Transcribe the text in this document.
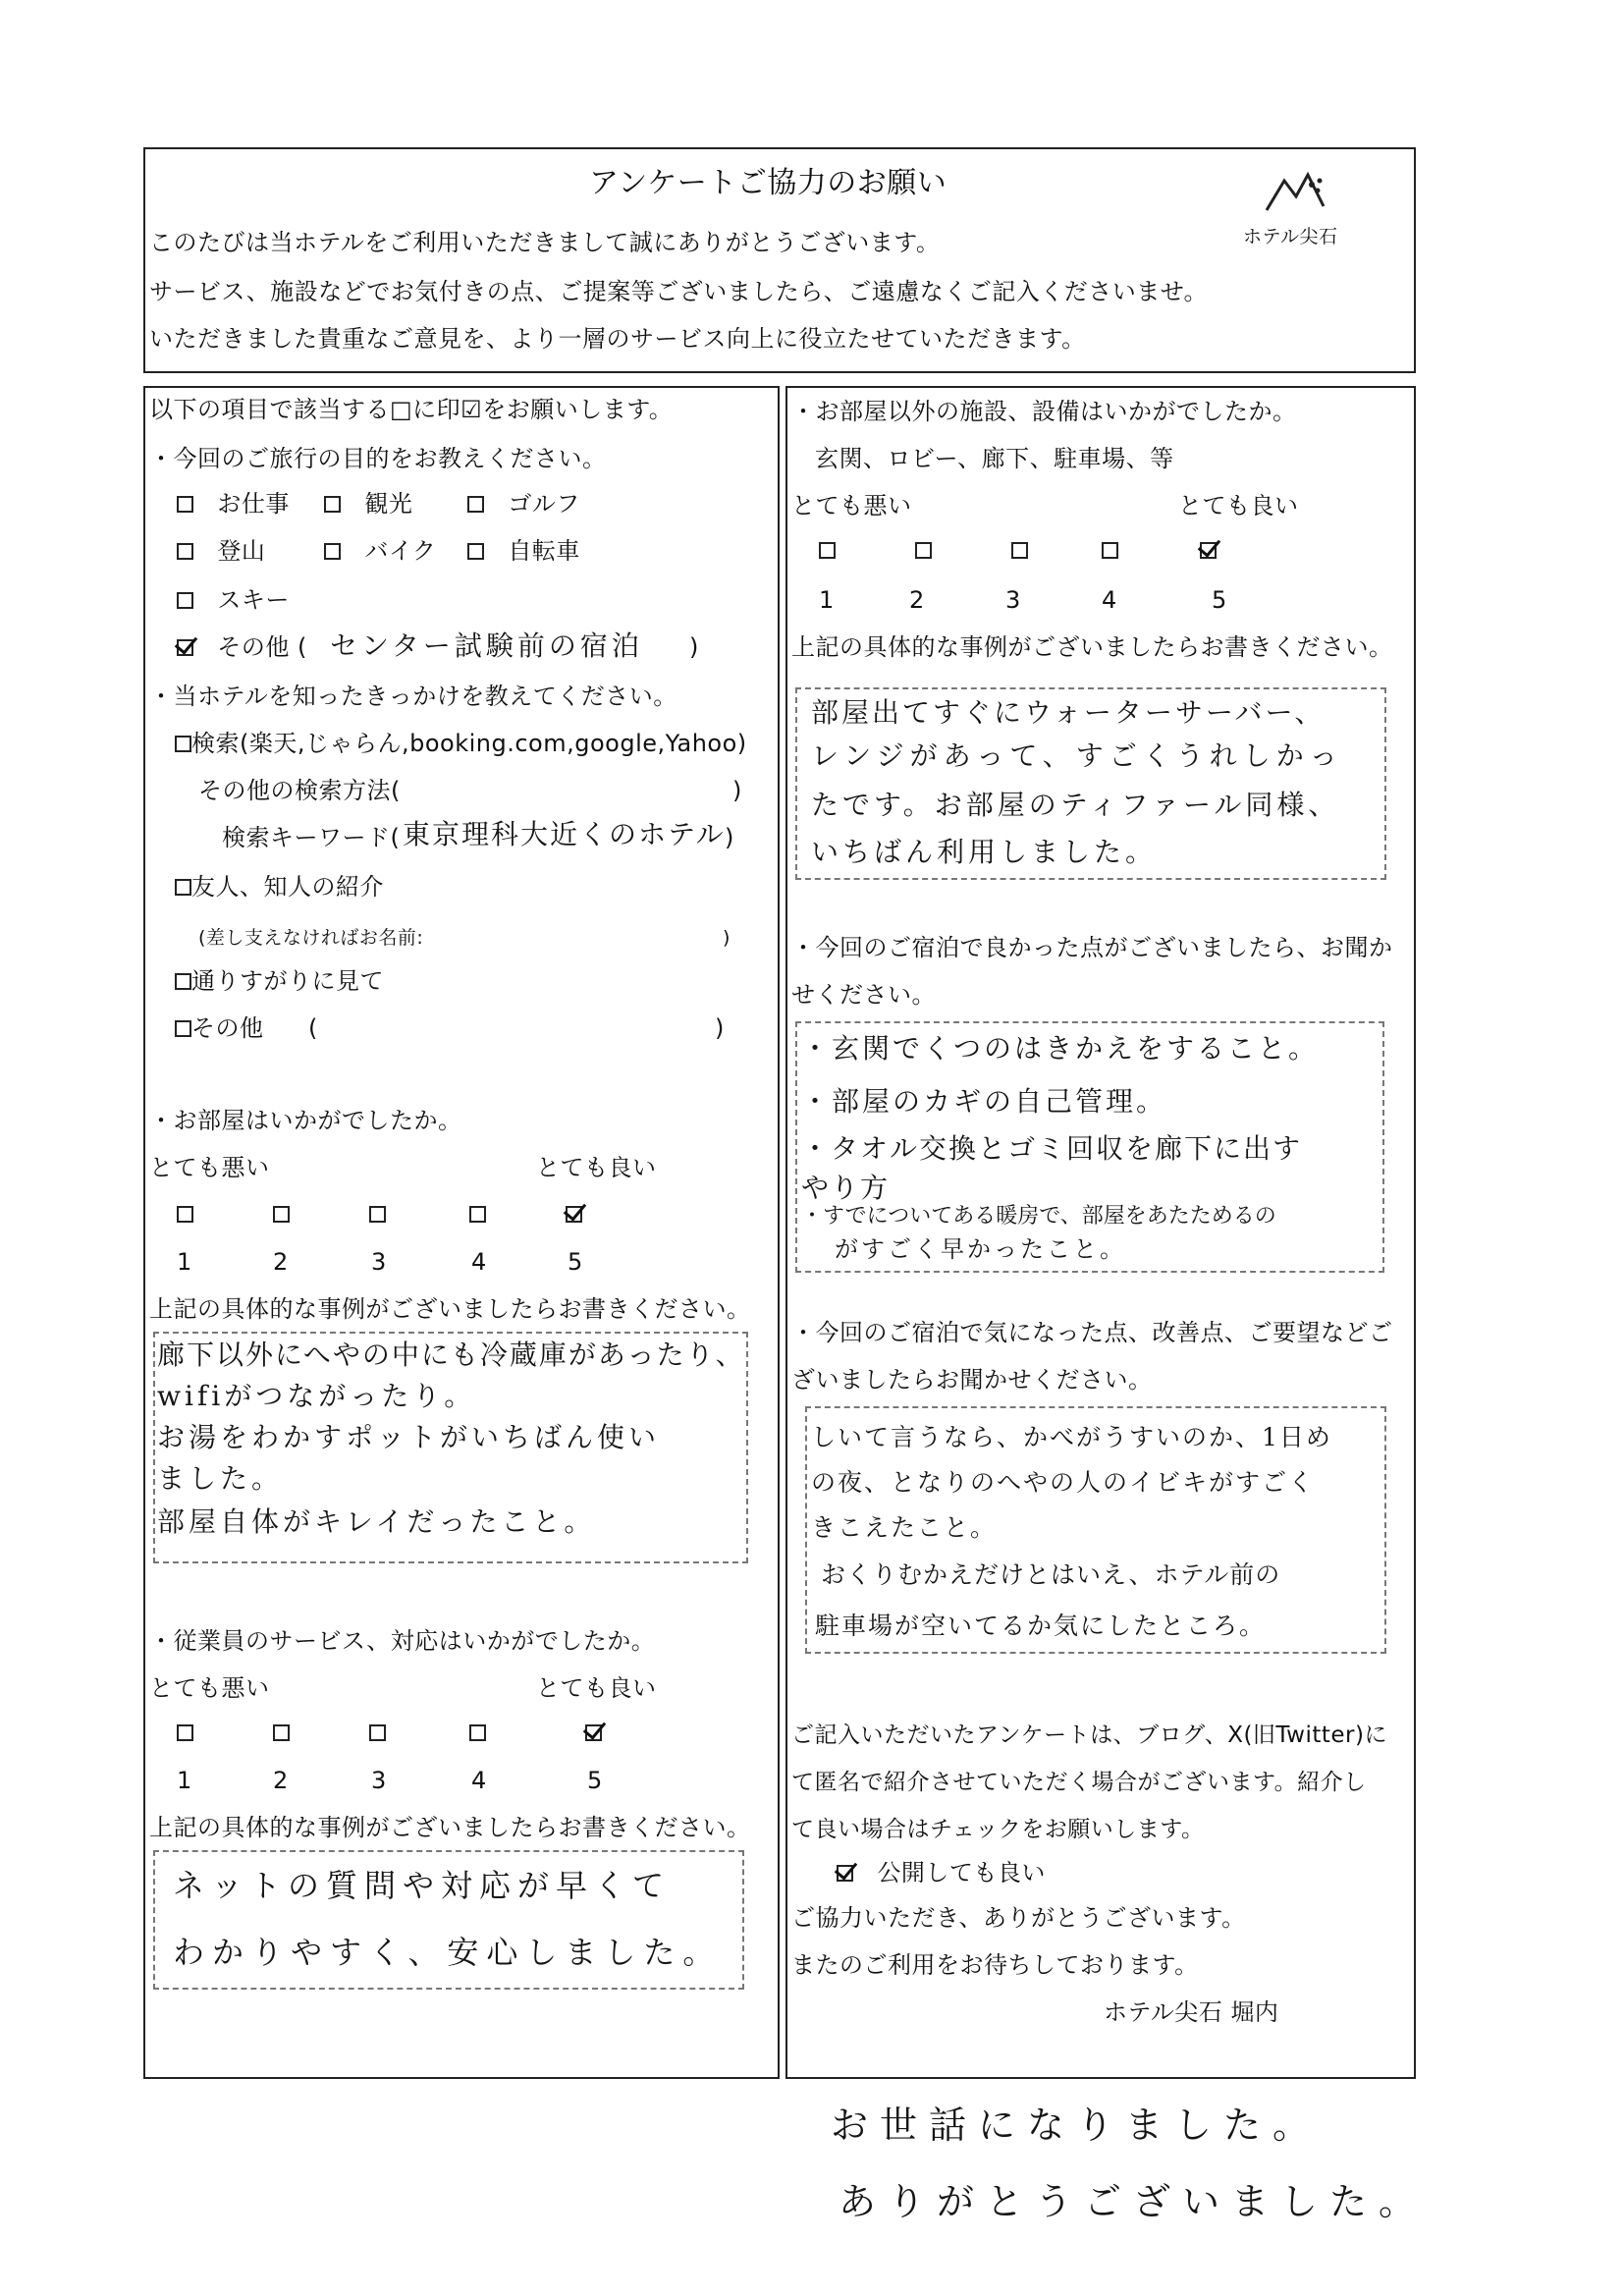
アンケートご協力のお願い
このたびは当ホテルをご利用いただきまして誠にありがとうございます。
サービス、施設などでお気付きの点、ご提案等ございましたら、ご遠慮なくご記入くださいませ。
いただきました貴重なご意見を、より一層のサービス向上に役立たせていただきます。
ホテル尖石
以下の項目で該当する□に印☑をお願いします。
・今回のご旅行の目的をお教えください。
お仕事	観光	ゴルフ
登山	バイク	自転車
スキー
その他 ( センター試験前の宿泊 )
・当ホテルを知ったきっかけを教えてください。
検索(楽天,じゃらん,booking.com,google,Yahoo)
その他の検索方法(	)
検索キーワード( 東京理科大近くのホテル )
友人、知人の紹介
(差し支えなければお名前:	)
通りすがりに見て
その他 (	)
・お部屋はいかがでしたか。
とても悪い	とても良い
1	2	3	4	5
上記の具体的な事例がございましたらお書きください。
廊下以外にへやの中にも冷蔵庫があったり、
wifiがつながったり。
お湯をわかすポットがいちばん使い
ました。
部屋自体がキレイだったこと。
・従業員のサービス、対応はいかがでしたか。
とても悪い	とても良い
1	2	3	4	5
上記の具体的な事例がございましたらお書きください。
ネットの質問や対応が早くて
わかりやすく、安心しました。
・お部屋以外の施設、設備はいかがでしたか。
玄関、ロビー、廊下、駐車場、等
とても悪い	とても良い
1	2	3	4	5
上記の具体的な事例がございましたらお書きください。
部屋出てすぐにウォーターサーバー、
レンジがあって、すごくうれしかっ
たです。お部屋のティファール同様、
いちばん利用しました。
・今回のご宿泊で良かった点がございましたら、お聞か
せください。
・玄関でくつのはきかえをすること。
・部屋のカギの自己管理。
・タオル交換とゴミ回収を廊下に出す
やり方
・すでについてある暖房で、部屋をあたためるの
がすごく早かったこと。
・今回のご宿泊で気になった点、改善点、ご要望などご
ざいましたらお聞かせください。
しいて言うなら、かべがうすいのか、1日め
の夜、となりのへやの人のイビキがすごく
きこえたこと。
おくりむかえだけとはいえ、ホテル前の
駐車場が空いてるか気にしたところ。
ご記入いただいたアンケートは、ブログ、X(旧Twitter)に
て匿名で紹介させていただく場合がございます。紹介し
て良い場合はチェックをお願いします。
公開しても良い
ご協力いただき、ありがとうございます。
またのご利用をお待ちしております。
ホテル尖石 堀内
お世話になりました。
ありがとうございました。
